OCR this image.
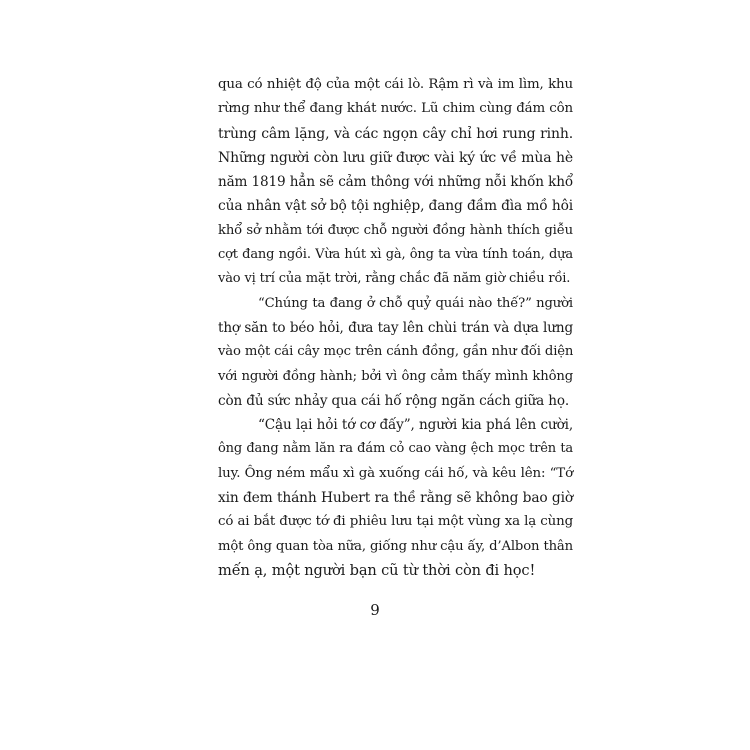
qua có nhiệt độ của một cái lò. Rậm rì và im lìm, khu
rừng như thể đang khát nước. Lũ chim cùng đám côn
trùng câm lặng, và các ngọn cây chỉ hơi rung rinh.
Những người còn lưu giữ được vài ký ức về mùa hè
năm 1819 hẳn sẽ cảm thông với những nỗi khốn khổ
của nhân vật sở bộ tội nghiệp, đang đầm đìa mồ hôi
khổ sở nhằm tới được chỗ người đồng hành thích giễu
cợt đang ngồi. Vừa hút xì gà, ông ta vừa tính toán, dựa
vào vị trí của mặt trời, rằng chắc đã năm giờ chiều rồi.
“Chúng ta đang ở chỗ quỷ quái nào thế?” người
thợ săn to béo hỏi, đưa tay lên chùi trán và dựa lưng
vào một cái cây mọc trên cánh đồng, gần như đối diện
với người đồng hành; bởi vì ông cảm thấy mình không
còn đủ sức nhảy qua cái hố rộng ngăn cách giữa họ.
“Cậu lại hỏi tớ cơ đấy”, người kia phá lên cười,
ông đang nằm lăn ra đám cỏ cao vàng ệch mọc trên ta
luy. Ông ném mẩu xì gà xuống cái hố, và kêu lên: “Tớ
xin đem thánh Hubert ra thề rằng sẽ không bao giờ
có ai bắt được tớ đi phiêu lưu tại một vùng xa lạ cùng
một ông quan tòa nữa, giống như cậu ấy, d’Albon thân
mến ạ, một người bạn cũ từ thời còn đi học!
9
